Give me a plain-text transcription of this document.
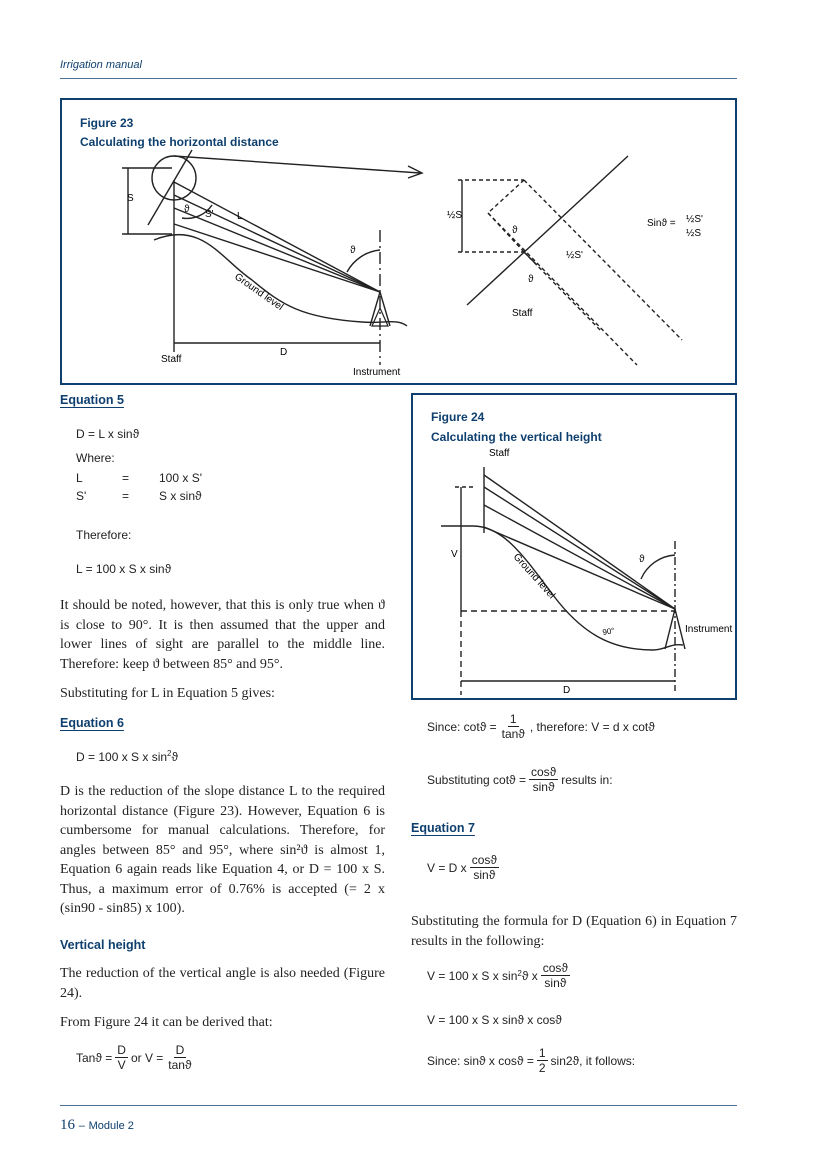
Irrigation manual
Figure 23
Calculating the horizontal distance
S
ϑ S' L
ϑ
Ground level
Staff
D
Instrument
½S
ϑ
½S'
ϑ
Staff
Sinϑ = ½S'
½S
Equation 5
D = L x sinϑ
Where:
L	= 100 x S'
S'	= S x sinϑ
Therefore:
L = 100 x S x sinϑ
It should be noted, however, that this is only true when ϑ is close to 90°. It is then assumed that the upper and lower lines of sight are parallel to the middle line. Therefore: keep ϑ between 85° and 95°.
Substituting for L in Equation 5 gives:
Equation 6
D = 100 x S x $\sin^2ϑ$
D is the reduction of the slope distance L to the required horizontal distance (Figure 23). However, Equation 6 is cumbersome for manual calculations. Therefore, for angles between 85° and 95°, where sin²ϑ is almost 1, Equation 6 again reads like Equation 4, or D = 100 x S. Thus, a maximum error of 0.76% is accepted (= 2 x (sin90 - sin85) x 100).
Vertical height
The reduction of the vertical angle is also needed (Figure 24).
From Figure 24 it can be derived that:
$Tanϑ = \frac{D}{V}$ or $V = \frac{D}{\tan ϑ}$
Figure 24
Calculating the vertical height
Staff
V	Ground level	ϑ
Instrument
90°
D
Since: $\cot ϑ = \frac{1}{\tan ϑ}$ , therefore: V = d x cotϑ
Substituting $\cot ϑ = \frac{\cos ϑ}{\sin ϑ}$ results in:
Equation 7
V = D x $\frac{\cos ϑ}{\sin ϑ}$
Substituting the formula for D (Equation 6) in Equation 7 results in the following:
V = 100 x S x sin 2 ϑ x $\frac{\cos ϑ}{\sin ϑ}$
V = 100 x S x sinϑ x cosϑ
Since: sinϑ x $\cos ϑ = \frac{1}{2} \sin 2ϑ$, it follows:
16 – Module 2
